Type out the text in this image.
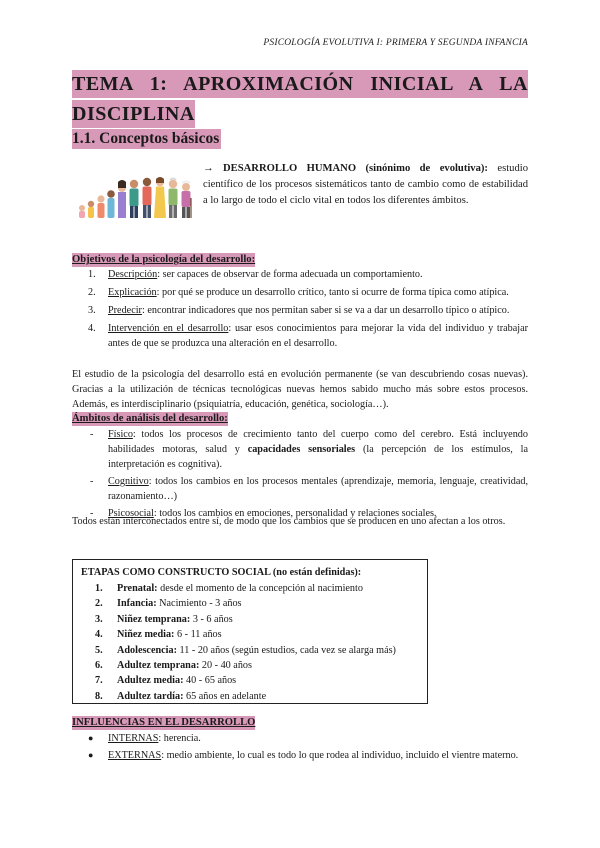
PSICOLOGÍA EVOLUTIVA I: PRIMERA Y SEGUNDA INFANCIA
TEMA 1: APROXIMACIÓN INICIAL A LA
DISCIPLINA
1.1. Conceptos básicos
→ DESARROLLO HUMANO (sinónimo de evolutiva): estudio científico de los procesos sistemáticos tanto de cambio como de estabilidad a lo largo de todo el ciclo vital en todos los diferentes ámbitos.
Objetivos de la psicología del desarrollo:
1. Descripción: ser capaces de observar de forma adecuada un comportamiento.
2. Explicación: por qué se produce un desarrollo crítico, tanto si ocurre de forma típica como atípica.
3. Predecir: encontrar indicadores que nos permitan saber si se va a dar un desarrollo típico o atípico.
4. Intervención en el desarrollo: usar esos conocimientos para mejorar la vida del individuo y trabajar antes de que se produzca una alteración en el desarrollo.
El estudio de la psicología del desarrollo está en evolución permanente (se van descubriendo cosas nuevas). Gracias a la utilización de técnicas tecnológicas nuevas hemos sabido mucho más sobre estos procesos. Además, es interdisciplinario (psiquiatría, educación, genética, sociología…).
Ámbitos de análisis del desarrollo:
- Físico: todos los procesos de crecimiento tanto del cuerpo como del cerebro. Está incluyendo habilidades motoras, salud y capacidades sensoriales (la percepción de los estímulos, la interpretación es cognitiva).
- Cognitivo: todos los cambios en los procesos mentales (aprendizaje, memoria, lenguaje, creatividad, razonamiento…)
- Psicosocial: todos los cambios en emociones, personalidad y relaciones sociales.
Todos están interconectados entre sí, de modo que los cambios que se producen en uno afectan a los otros.
ETAPAS COMO CONSTRUCTO SOCIAL (no están definidas):
1. Prenatal: desde el momento de la concepción al nacimiento
2. Infancia: Nacimiento - 3 años
3. Niñez temprana: 3 - 6 años
4. Niñez media: 6 - 11 años
5. Adolescencia: 11 - 20 años (según estudios, cada vez se alarga más)
6. Adultez temprana: 20 - 40 años
7. Adultez media: 40 - 65 años
8. Adultez tardía: 65 años en adelante
INFLUENCIAS EN EL DESARROLLO
● INTERNAS: herencia.
● EXTERNAS: medio ambiente, lo cual es todo lo que rodea al individuo, incluido el vientre materno.
